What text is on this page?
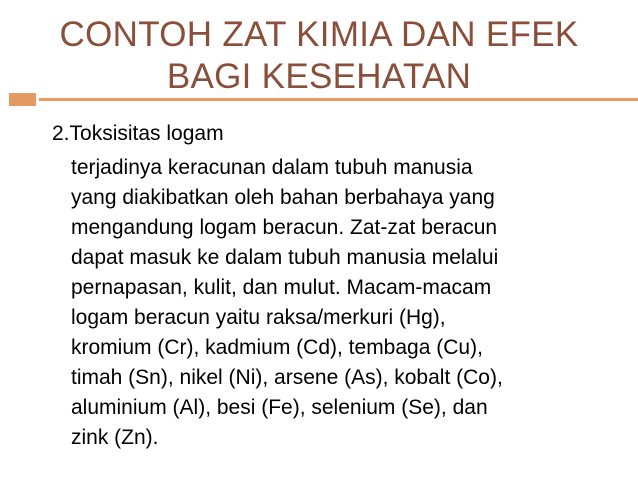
CONTOH ZAT KIMIA DAN EFEK
BAGI KESEHATAN
2.Toksisitas logam

terjadinya keracunan dalam tubuh manusia
yang diakibatkan oleh bahan berbahaya yang
mengandung logam beracun. Zat-zat beracun
dapat masuk ke dalam tubuh manusia melalui
pernapasan, kulit, dan mulut. Macam-macam
logam beracun yaitu raksa/merkuri (Hg),
kromium (Cr), kadmium (Cd), tembaga (Cu),
timah (Sn), nikel (Ni), arsene (As), kobalt (Co),
aluminium (Al), besi (Fe), selenium (Se), dan
zink (Zn).
